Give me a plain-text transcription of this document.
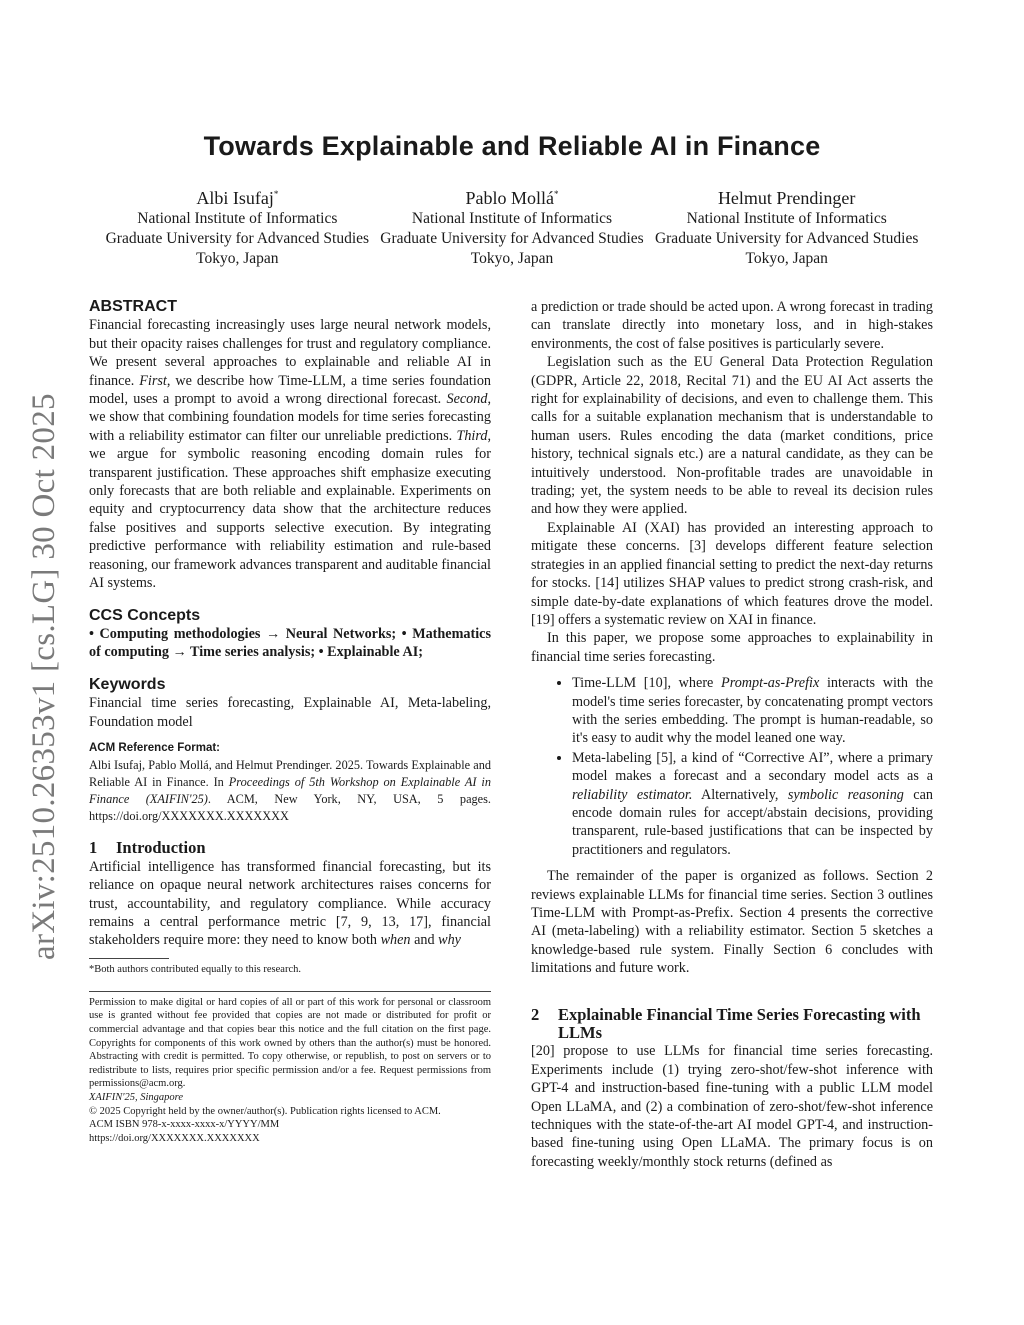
arXiv:2510.26353v1 [cs.LG] 30 Oct 2025
Towards Explainable and Reliable AI in Finance
Albi Isufaj*
National Institute of Informatics
Graduate University for Advanced Studies
Tokyo, Japan
Pablo Mollá*
National Institute of Informatics
Graduate University for Advanced Studies
Tokyo, Japan
Helmut Prendinger
National Institute of Informatics
Graduate University for Advanced Studies
Tokyo, Japan
ABSTRACT

Financial forecasting increasingly uses large neural network models, but their opacity raises challenges for trust and regulatory compliance. We present several approaches to explainable and reliable AI in finance. First, we describe how Time-LLM, a time series foundation model, uses a prompt to avoid a wrong directional forecast. Second, we show that combining foundation models for time series forecasting with a reliability estimator can filter our unreliable predictions. Third, we argue for symbolic reasoning encoding domain rules for transparent justification. These approaches shift emphasize executing only forecasts that are both reliable and explainable. Experiments on equity and cryptocurrency data show that the architecture reduces false positives and supports selective execution. By integrating predictive performance with reliability estimation and rule-based reasoning, our framework advances transparent and auditable financial AI systems.

CCS Concepts

• Computing methodologies → Neural Networks; • Mathematics of computing → Time series analysis; • Explainable AI;

Keywords

Financial time series forecasting, Explainable AI, Meta-labeling, Foundation model

ACM Reference Format:

Albi Isufaj, Pablo Mollá, and Helmut Prendinger. 2025. Towards Explainable and Reliable AI in Finance. In Proceedings of 5th Workshop on Explainable AI in Finance (XAIFIN'25). ACM, New York, NY, USA, 5 pages. https://doi.org/XXXXXXX.XXXXXXX

1 Introduction

Artificial intelligence has transformed financial forecasting, but its reliance on opaque neural network architectures raises concerns for trust, accountability, and regulatory compliance. While accuracy remains a central performance metric [7, 9, 13, 17], financial stakeholders require more: they need to know both when and why

*Both authors contributed equally to this research.
Permission to make digital or hard copies of all or part of this work for personal or classroom use is granted without fee provided that copies are not made or distributed for profit or commercial advantage and that copies bear this notice and the full citation on the first page. Copyrights for components of this work owned by others than the author(s) must be honored. Abstracting with credit is permitted. To copy otherwise, or republish, to post on servers or to redistribute to lists, requires prior specific permission and/or a fee. Request permissions from permissions@acm.org.
XAIFIN'25, Singapore
© 2025 Copyright held by the owner/author(s). Publication rights licensed to ACM.
ACM ISBN 978-x-xxxx-xxxx-x/YYYY/MM
https://doi.org/XXXXXXX.XXXXXXX

a prediction or trade should be acted upon. A wrong forecast in trading can translate directly into monetary loss, and in high-stakes environments, the cost of false positives is particularly severe.

Legislation such as the EU General Data Protection Regulation (GDPR, Article 22, 2018, Recital 71) and the EU AI Act asserts the right for explainability of decisions, and even to challenge them. This calls for a suitable explanation mechanism that is understandable to human users. Rules encoding the data (market conditions, price history, technical signals etc.) are a natural candidate, as they can be intuitively understood. Non-profitable trades are unavoidable in trading; yet, the system needs to be able to reveal its decision rules and how they were applied.

Explainable AI (XAI) has provided an interesting approach to mitigate these concerns. [3] develops different feature selection strategies in an applied financial setting to predict the next-day returns for stocks. [14] utilizes SHAP values to predict strong crash-risk, and simple date-by-date explanations of which features drove the model. [19] offers a systematic review on XAI in finance.

In this paper, we propose some approaches to explainability in financial time series forecasting.

• Time-LLM [10], where Prompt-as-Prefix interacts with the model's time series forecaster, by concatenating prompt vectors with the series embedding. The prompt is human-readable, so it's easy to audit why the model leaned one way.
• Meta-labeling [5], a kind of “Corrective AI”, where a primary model makes a forecast and a secondary model acts as a reliability estimator. Alternatively, symbolic reasoning can encode domain rules for accept/abstain decisions, providing transparent, rule-based justifications that can be inspected by practitioners and regulators.

The remainder of the paper is organized as follows. Section 2 reviews explainable LLMs for financial time series. Section 3 outlines Time-LLM with Prompt-as-Prefix. Section 4 presents the corrective AI (meta-labeling) with a reliability estimator. Section 5 sketches a knowledge-based rule system. Finally Section 6 concludes with limitations and future work.

2	Explainable Financial Time Series Forecasting with LLMs

[20] propose to use LLMs for financial time series forecasting. Experiments include (1) trying zero-shot/few-shot inference with GPT-4 and instruction-based fine-tuning with a public LLM model Open LLaMA, and (2) a combination of zero-shot/few-shot inference techniques with the state-of-the-art AI model GPT-4, and instruction-based fine-tuning using Open LLaMA. The primary focus is on forecasting weekly/monthly stock returns (defined as
